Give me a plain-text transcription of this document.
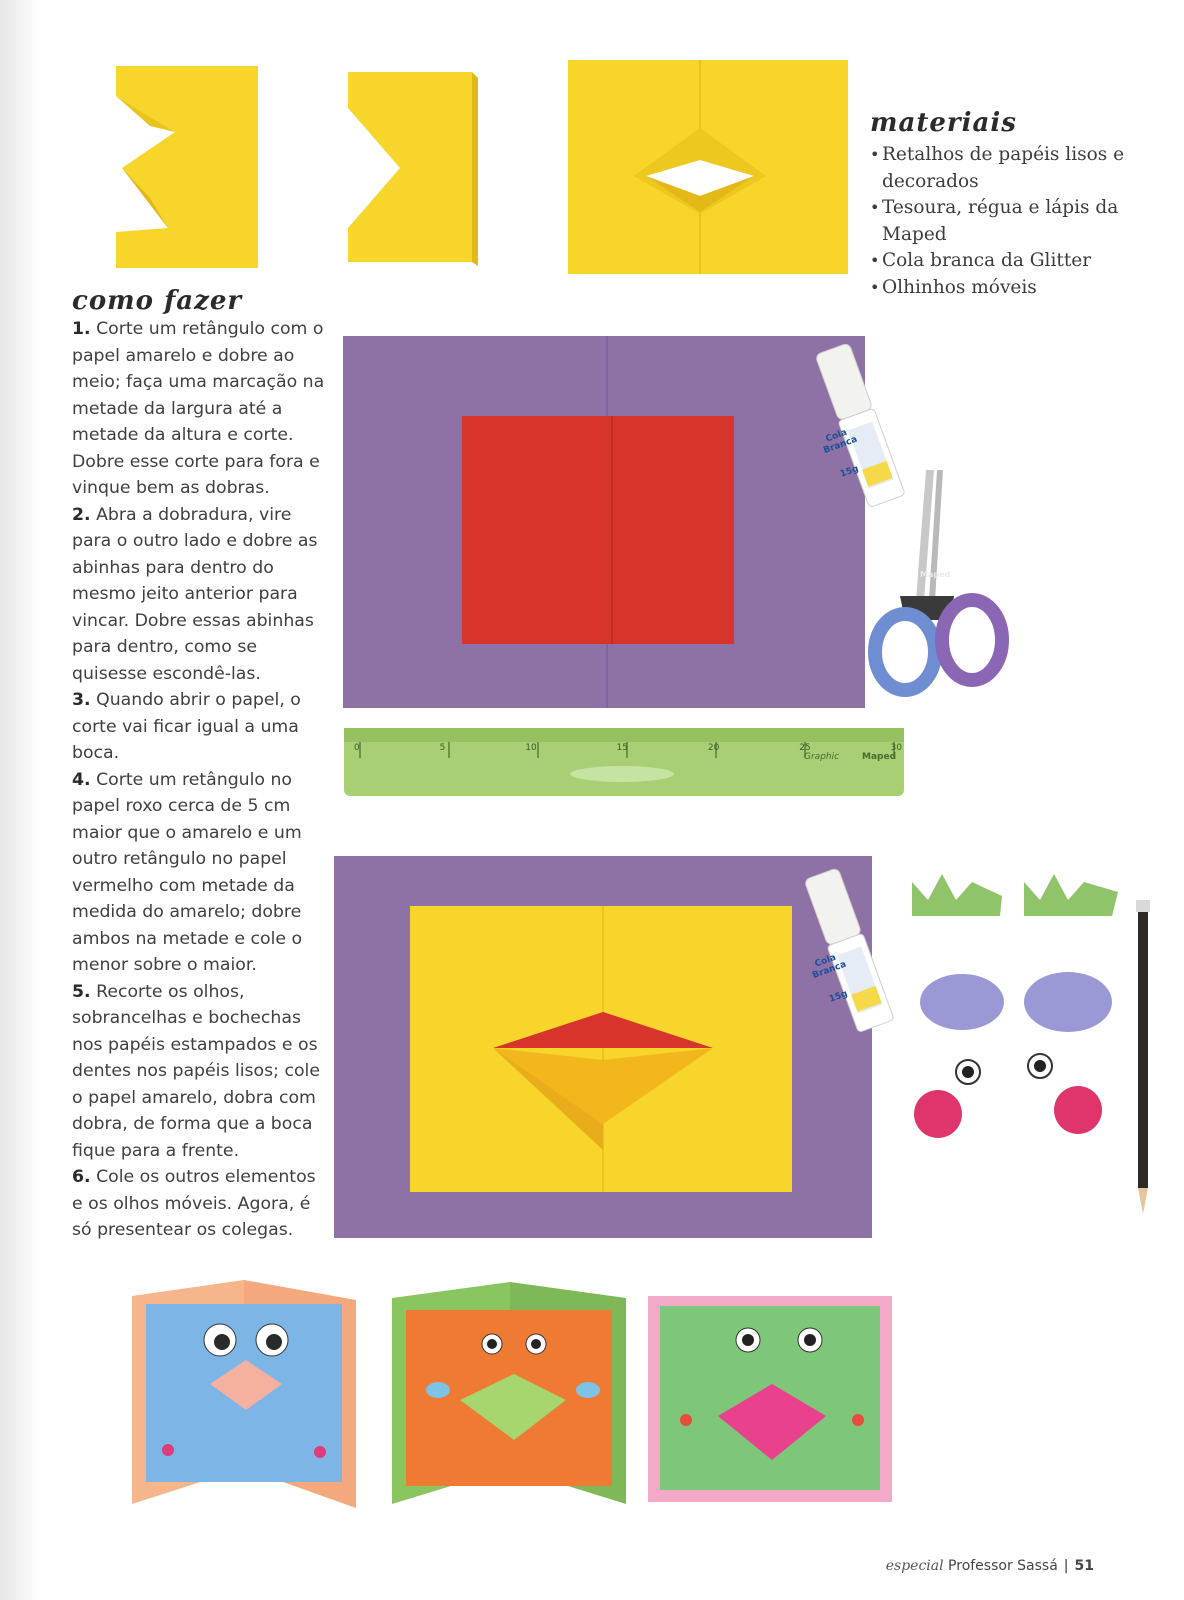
materiais
• Retalhos de papéis lisos e decorados
• Tesoura, régua e lápis da Maped
• Cola branca da Glitter
• Olhinhos móveis
como fazer

1. Corte um retângulo com o papel amarelo e dobre ao meio; faça uma marcação na metade da largura até a metade da altura e corte. Dobre esse corte para fora e vinque bem as dobras.

2. Abra a dobradura, vire para o outro lado e dobre as abinhas para dentro do mesmo jeito anterior para vincar. Dobre essas abinhas para dentro, como se quisesse escondê-las.

3. Quando abrir o papel, o corte vai ficar igual a uma boca.

4. Corte um retângulo no papel roxo cerca de 5 cm maior que o amarelo e um outro retângulo no papel vermelho com metade da medida do amarelo; dobre ambos na metade e cole o menor sobre o maior.

5. Recorte os olhos, sobrancelhas e bochechas nos papéis estampados e os dentes nos papéis lisos; cole o papel amarelo, dobra com dobra, de forma que a boca fique para a frente.

6. Cole os outros elementos e os olhos móveis. Agora, é só presentear os colegas.

Cola Branca
15g
Cola Branca
15g
Maped
Graphic	Maped
0	5	10	15	20	25	30
especial Professor Sassá | 51
